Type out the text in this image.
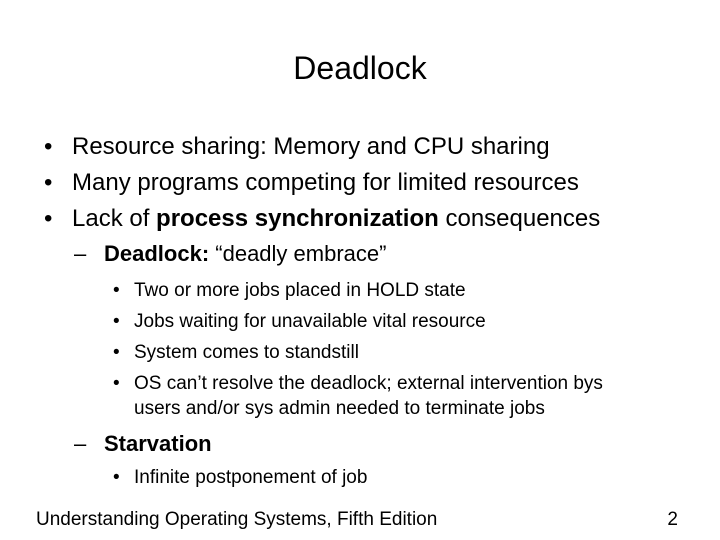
Deadlock
• Resource sharing: Memory and CPU sharing
• Many programs competing for limited resources
• Lack of process synchronization consequences
– Deadlock: “deadly embrace”
• Two or more jobs placed in HOLD state
• Jobs waiting for unavailable vital resource
• System comes to standstill
• OS can’t resolve the deadlock; external intervention bys
users and/or sys admin needed to terminate jobs
– Starvation
• Infinite postponement of job
Understanding Operating Systems, Fifth Edition	2
